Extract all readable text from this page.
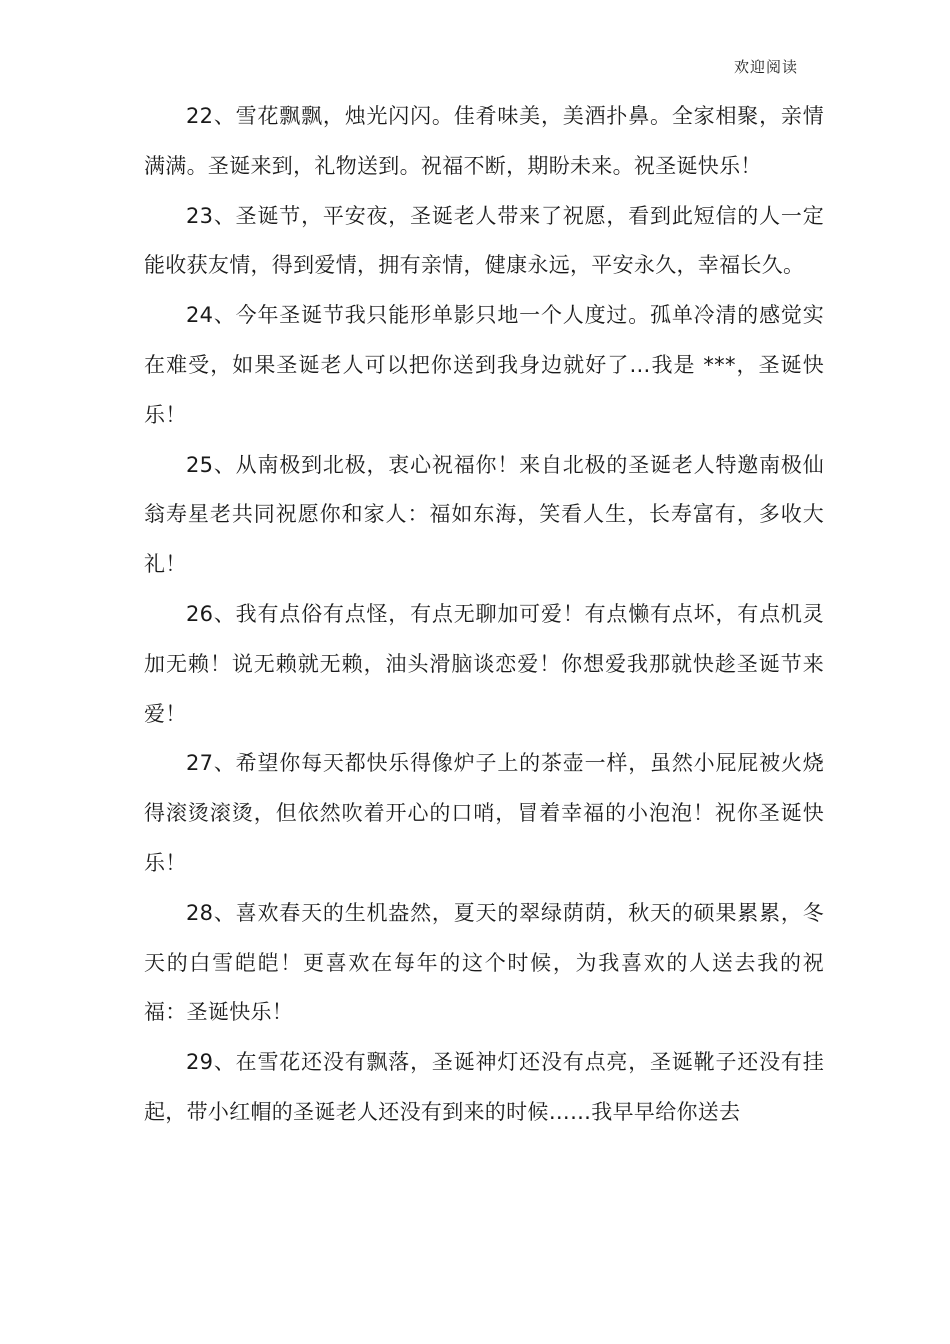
欢迎阅读

22、雪花飘飘，烛光闪闪。佳肴味美，美酒扑鼻。全家相聚，亲情满满。圣诞来到，礼物送到。祝福不断，期盼未来。祝圣诞快乐！

23、圣诞节，平安夜，圣诞老人带来了祝愿，看到此短信的人一定能收获友情，得到爱情，拥有亲情，健康永远，平安永久，幸福长久。

24、今年圣诞节我只能形单影只地一个人度过。孤单冷清的感觉实在难受，如果圣诞老人可以把你送到我身边就好了…我是 ***，圣诞快乐！

25、从南极到北极，衷心祝福你！来自北极的圣诞老人特邀南极仙翁寿星老共同祝愿你和家人：福如东海，笑看人生，长寿富有，多收大礼！

26、我有点俗有点怪，有点无聊加可爱！有点懒有点坏，有点机灵加无赖！说无赖就无赖，油头滑脑谈恋爱！你想爱我那就快趁圣诞节来爱！

27、希望你每天都快乐得像炉子上的茶壶一样，虽然小屁屁被火烧得滚烫滚烫，但依然吹着开心的口哨，冒着幸福的小泡泡！祝你圣诞快乐！

28、喜欢春天的生机盎然，夏天的翠绿荫荫，秋天的硕果累累，冬天的白雪皑皑！更喜欢在每年的这个时候，为我喜欢的人送去我的祝福：圣诞快乐！

29、在雪花还没有飘落，圣诞神灯还没有点亮，圣诞靴子还没有挂起，带小红帽的圣诞老人还没有到来的时候……我早早给你送去
